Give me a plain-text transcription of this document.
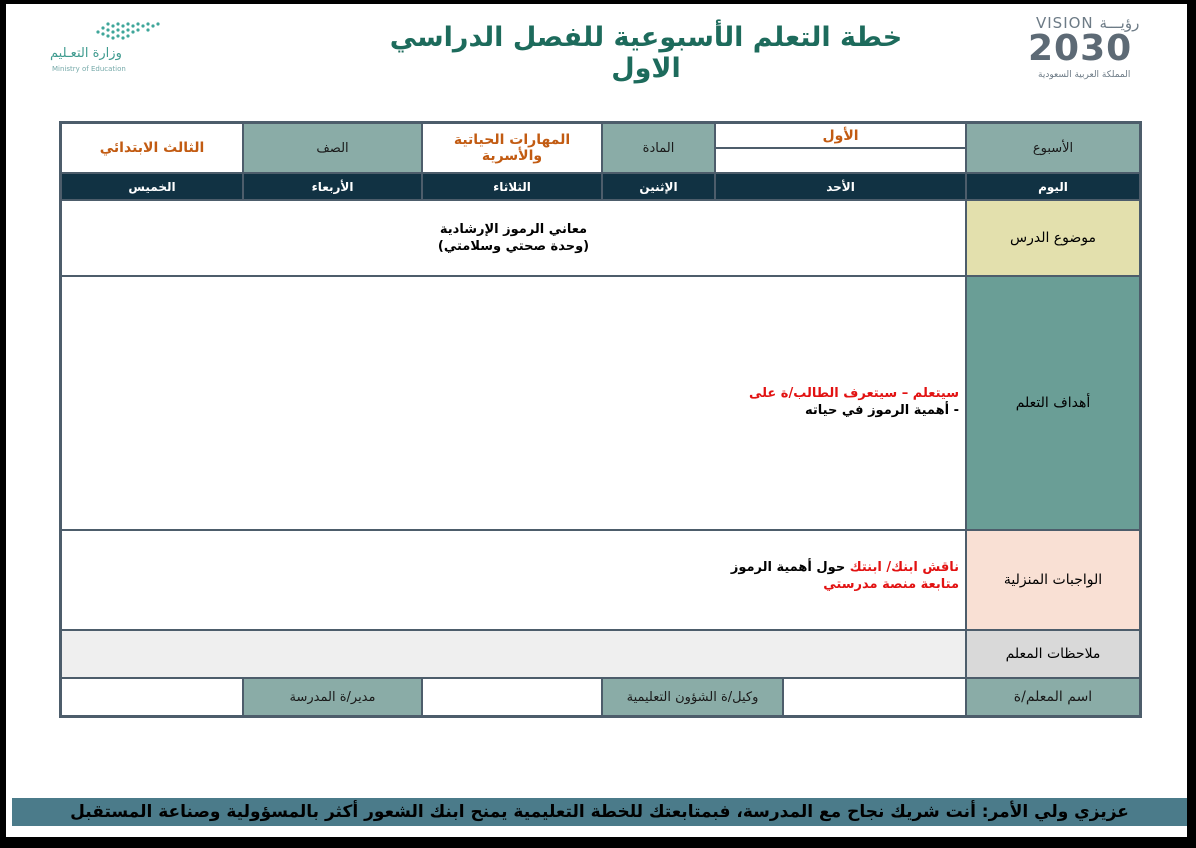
وزارة التعـليم
Ministry of Education
خطة التعلم الأسبوعية للفصل الدراسي الاول
VISION رؤيـــة
2030
المملكة العربية السعودية
الأسبوع
الأول
المادة
المهارات الحياتية والأسرية
الصف
الثالث الابتدائي
اليوم
الأحد
الإثنين
الثلاثاء
الأربعاء
الخميس
موضوع الدرس
معاني الرموز الإرشادية
(وحدة صحتي وسلامتي)
أهداف التعلم
سيتعلم – سيتعرف الطالب/ة على
- أهمية الرموز في حياته
الواجبات المنزلية
ناقش ابنك/ ابنتك حول أهمية الرموز
متابعة منصة مدرستي
ملاحظات المعلم
اسم المعلم/ة
وكيل/ة الشؤون التعليمية
مدير/ة المدرسة
عزيزي ولي الأمر: أنت شريك نجاح مع المدرسة، فبمتابعتك للخطة التعليمية يمنح ابنك الشعور أكثر بالمسؤولية وصناعة المستقبل
